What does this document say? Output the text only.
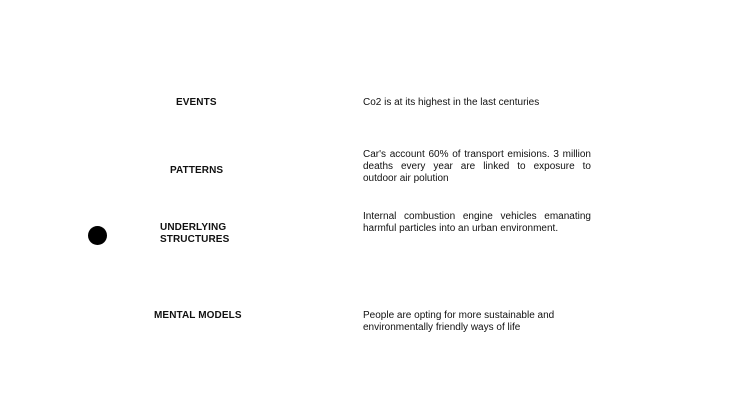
EVENTS	Co2 is at its highest in the last centuries
PATTERNS
Car's account 60% of transport emisions. 3 million deaths every year are linked to exposure to outdoor air polution
UNDERLYING
STRUCTURES
Internal combustion engine vehicles emanating harmful particles into an urban environment.
MENTAL MODELS	People are opting for more sustainable and environmentally friendly ways of life
